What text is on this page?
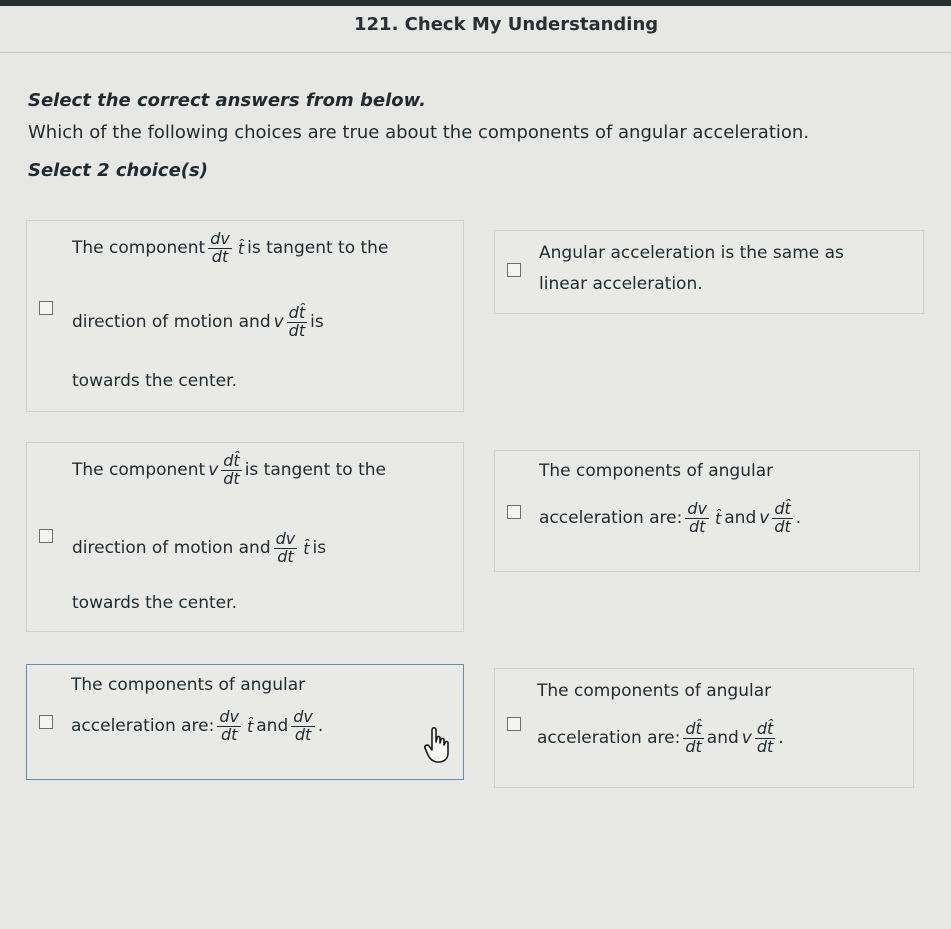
121. Check My Understanding
Select the correct answers from below.
Which of the following choices are true about the components of angular acceleration.
Select 2 choice(s)
The component $\frac{dv}{dt}$ t̂ is tangent to the
direction of motion and v $\frac{dt̂}{dt}$ is
towards the center.
Angular acceleration is the same as
linear acceleration.
The component v $\frac{dt̂}{dt}$ is tangent to the
direction of motion and $\frac{dv}{dt}$ t̂ is
towards the center.
The components of angular
acceleration are: $\frac{dv}{dt}$ t̂ and v $\frac{dt̂}{dt}$ .
The components of angular
acceleration are: $\frac{dv}{dt}$ t̂ and $\frac{dv}{dt}$ .
The components of angular
acceleration are: $\frac{dt̂}{dt}$ and v $\frac{dt̂}{dt}$ .
